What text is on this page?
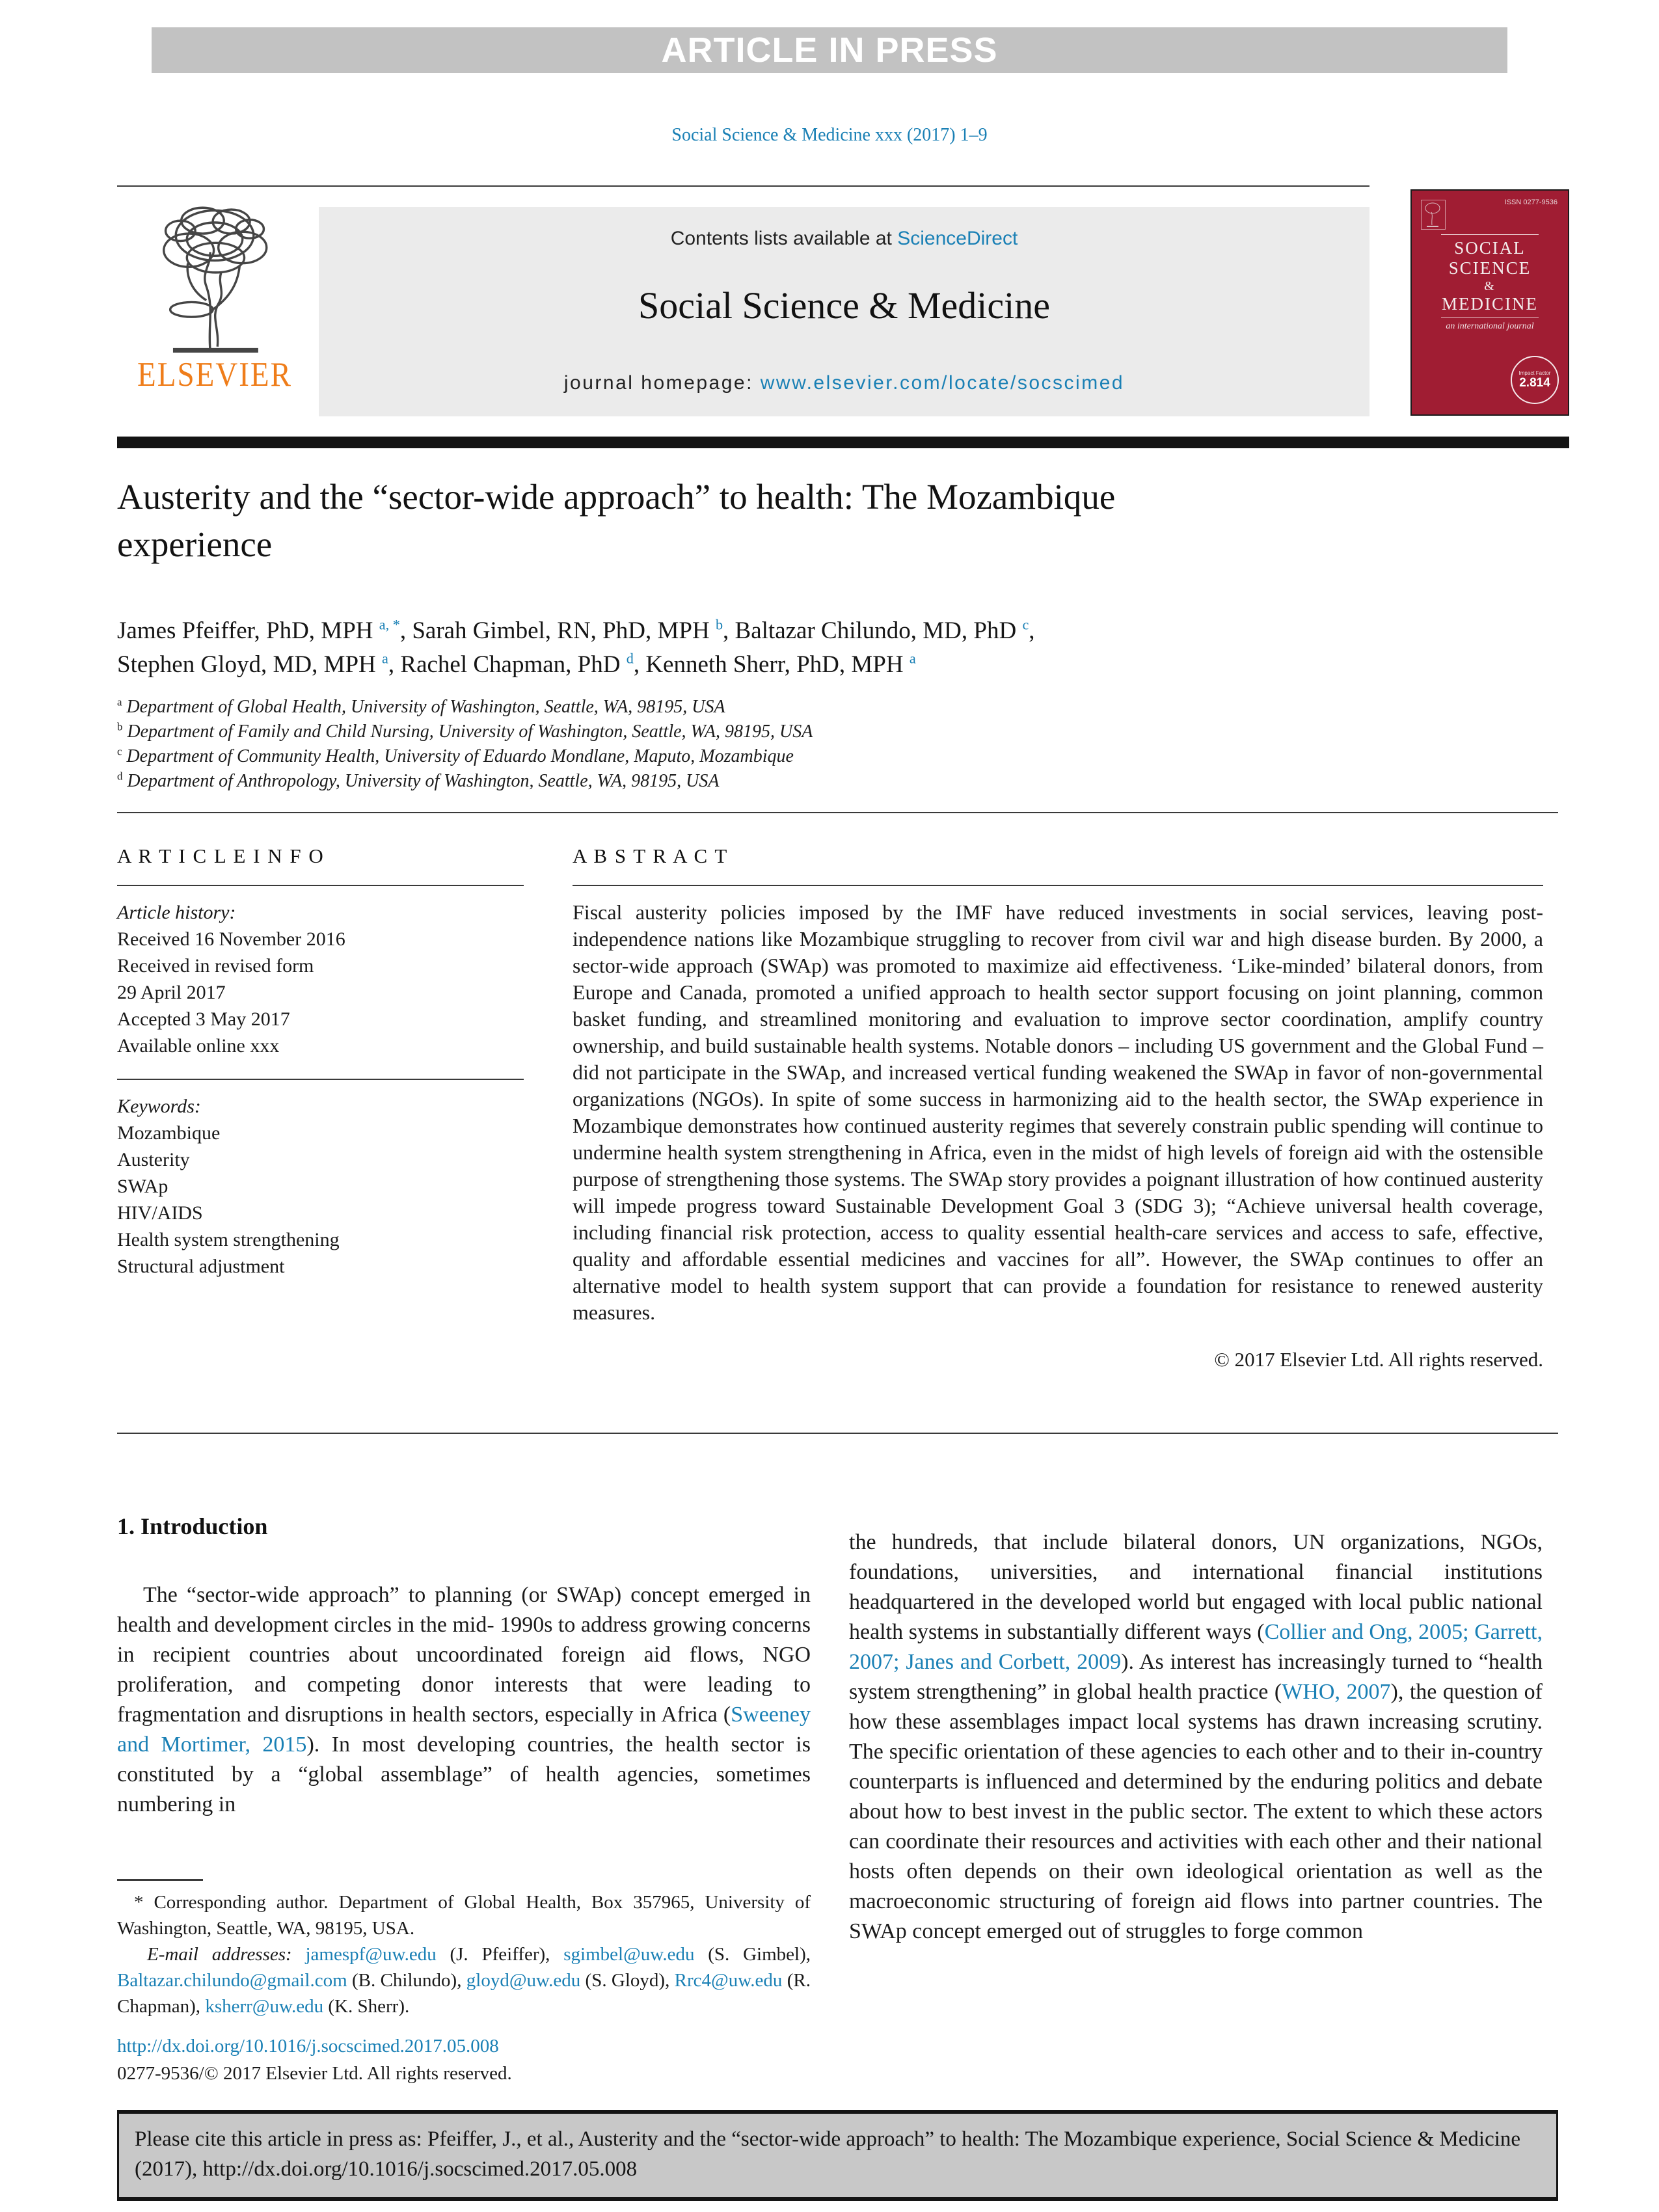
ARTICLE IN PRESS
Social Science & Medicine xxx (2017) 1–9
ELSEVIER
Contents lists available at ScienceDirect
Social Science & Medicine
journal homepage: www.elsevier.com/locate/socscimed
ISSN 0277-9536
SOCIAL
SCIENCE
&
MEDICINE
an international journal
Impact Factor
2.814
Austerity and the “sector-wide approach” to health: The Mozambique
experience
James Pfeiffer, PhD, MPH $^{a, *}$, Sarah Gimbel, RN, PhD, MPH $^b$, Baltazar Chilundo, MD, PhD $^c$,
Stephen Gloyd, MD, MPH $^a$, Rachel Chapman, PhD $^d$, Kenneth Sherr, PhD, MPH $^a$
$^a$ Department of Global Health, University of Washington, Seattle, WA, 98195, USA
$^b$ Department of Family and Child Nursing, University of Washington, Seattle, WA, 98195, USA
$^c$ Department of Community Health, University of Eduardo Mondlane, Maputo, Mozambique
$^d$ Department of Anthropology, University of Washington, Seattle, WA, 98195, USA
A R T I C L E I N F O
Article history:
Received 16 November 2016
Received in revised form
29 April 2017
Accepted 3 May 2017
Available online xxx
Keywords:
Mozambique
Austerity
SWAp
HIV/AIDS
Health system strengthening
Structural adjustment
A B S T R A C T
Fiscal austerity policies imposed by the IMF have reduced investments in social services, leaving post-independence nations like Mozambique struggling to recover from civil war and high disease burden. By 2000, a sector-wide approach (SWAp) was promoted to maximize aid effectiveness. ‘Like-minded’ bilateral donors, from Europe and Canada, promoted a unified approach to health sector support focusing on joint planning, common basket funding, and streamlined monitoring and evaluation to improve sector coordination, amplify country ownership, and build sustainable health systems. Notable donors – including US government and the Global Fund – did not participate in the SWAp, and increased vertical funding weakened the SWAp in favor of non-governmental organizations (NGOs). In spite of some success in harmonizing aid to the health sector, the SWAp experience in Mozambique demonstrates how continued austerity regimes that severely constrain public spending will continue to undermine health system strengthening in Africa, even in the midst of high levels of foreign aid with the ostensible purpose of strengthening those systems. The SWAp story provides a poignant illustration of how continued austerity will impede progress toward Sustainable Development Goal 3 (SDG 3); “Achieve universal health coverage, including financial risk protection, access to quality essential health-care services and access to safe, effective, quality and affordable essential medicines and vaccines for all”. However, the SWAp continues to offer an alternative model to health system support that can provide a foundation for resistance to renewed austerity measures.
© 2017 Elsevier Ltd. All rights reserved.
1. Introduction
The “sector-wide approach” to planning (or SWAp) concept emerged in health and development circles in the mid- 1990s to address growing concerns in recipient countries about uncoordinated foreign aid flows, NGO proliferation, and competing donor interests that were leading to fragmentation and disruptions in health sectors, especially in Africa (Sweeney and Mortimer, 2015). In most developing countries, the health sector is constituted by a “global assemblage” of health agencies, sometimes numbering in
the hundreds, that include bilateral donors, UN organizations, NGOs, foundations, universities, and international financial institutions headquartered in the developed world but engaged with local public national health systems in substantially different ways (Collier and Ong, 2005; Garrett, 2007; Janes and Corbett, 2009). As interest has increasingly turned to “health system strengthening” in global health practice (WHO, 2007), the question of how these assemblages impact local systems has drawn increasing scrutiny. The specific orientation of these agencies to each other and to their in-country counterparts is influenced and determined by the enduring politics and debate about how to best invest in the public sector. The extent to which these actors can coordinate their resources and activities with each other and their national hosts often depends on their own ideological orientation as well as the macroeconomic structuring of foreign aid flows into partner countries. The SWAp concept emerged out of struggles to forge common
* Corresponding author. Department of Global Health, Box 357965, University of Washington, Seattle, WA, 98195, USA.
E-mail addresses: jamespf@uw.edu (J. Pfeiffer), sgimbel@uw.edu (S. Gimbel), Baltazar.chilundo@gmail.com (B. Chilundo), gloyd@uw.edu (S. Gloyd), Rrc4@uw.edu (R. Chapman), ksherr@uw.edu (K. Sherr).
http://dx.doi.org/10.1016/j.socscimed.2017.05.008
0277-9536/© 2017 Elsevier Ltd. All rights reserved.
Please cite this article in press as: Pfeiffer, J., et al., Austerity and the “sector-wide approach” to health: The Mozambique experience, Social Science & Medicine (2017), http://dx.doi.org/10.1016/j.socscimed.2017.05.008
